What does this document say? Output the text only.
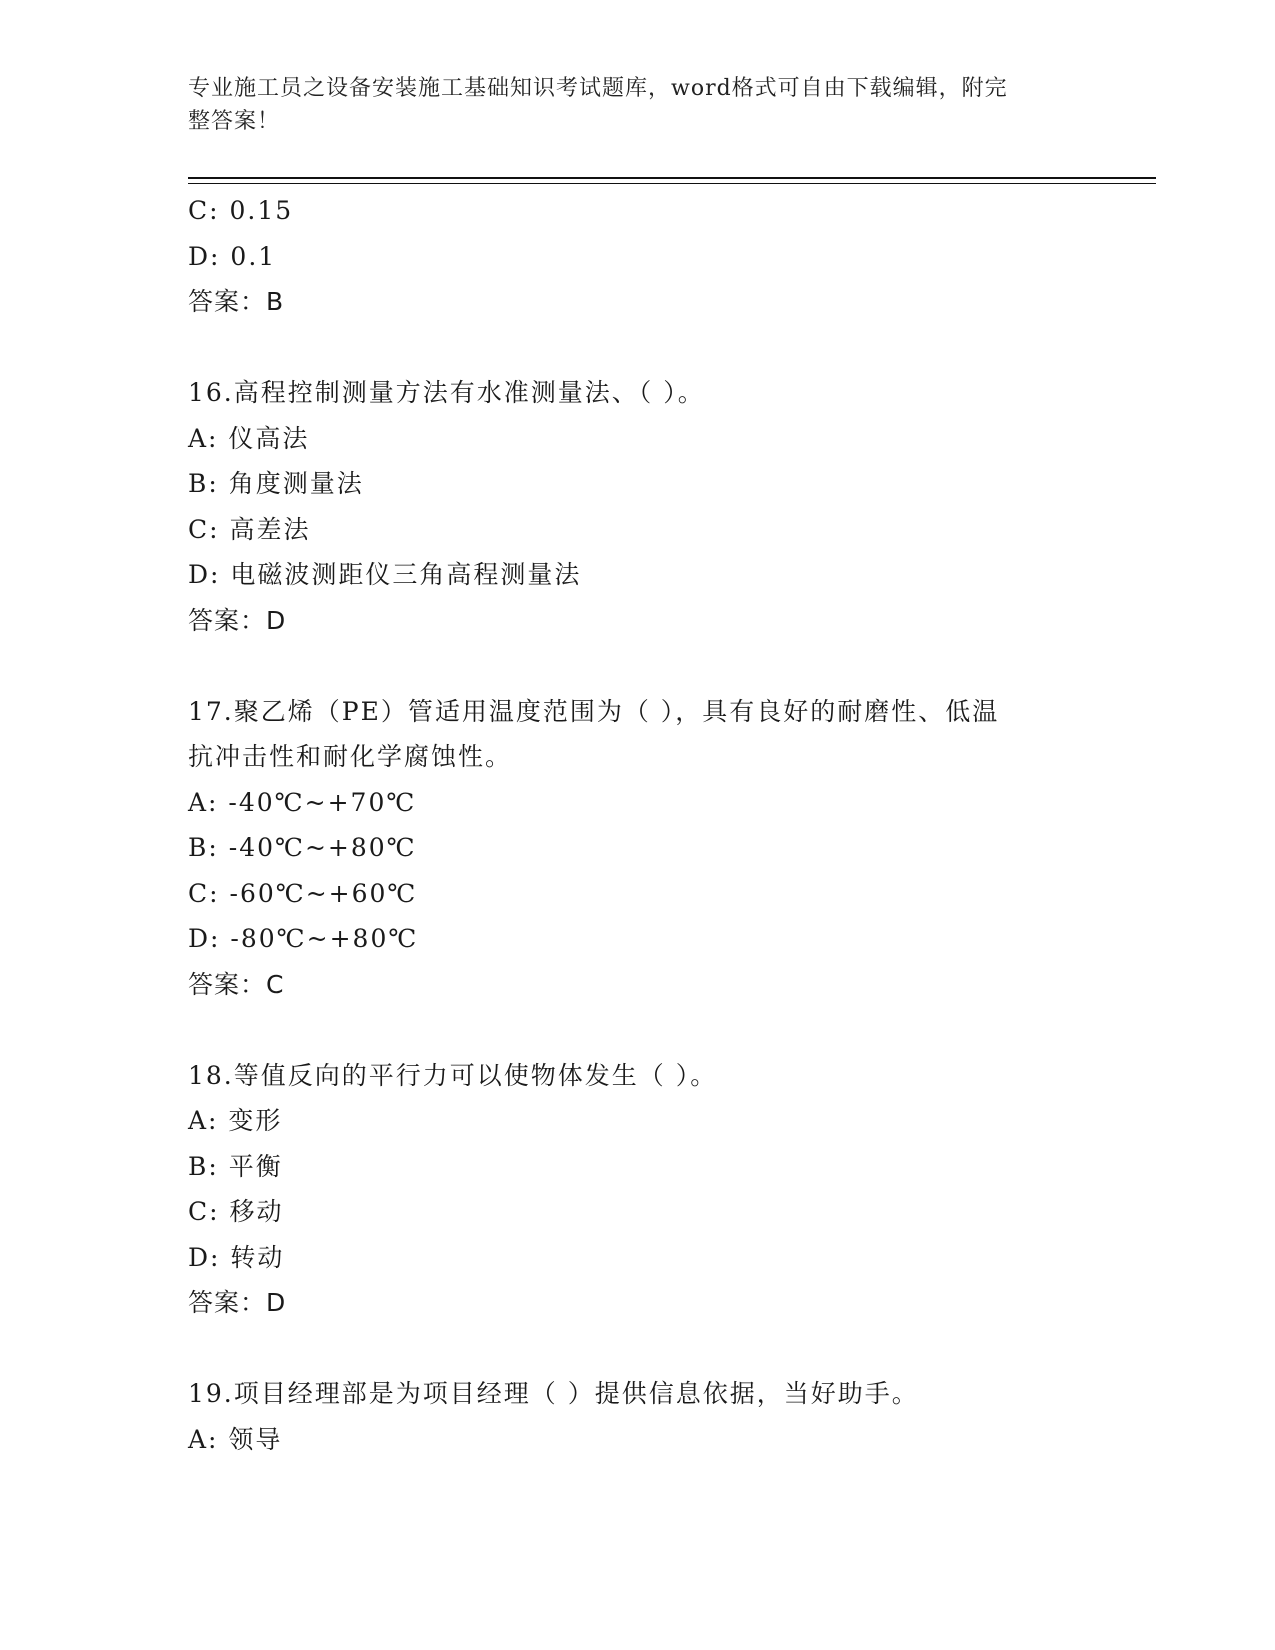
专业施工员之设备安装施工基础知识考试题库，word格式可自由下载编辑，附完
整答案！
C: 0.15
D: 0.1
答案：B
16.高程控制测量方法有水准测量法、（ ）。
A: 仪高法
B: 角度测量法
C: 高差法
D: 电磁波测距仪三角高程测量法
答案：D
17.聚乙烯（PE）管适用温度范围为（ ），具有良好的耐磨性、低温
抗冲击性和耐化学腐蚀性。
A: -40℃~+70℃
B: -40℃~+80℃
C: -60℃~+60℃
D: -80℃~+80℃
答案：C
18.等值反向的平行力可以使物体发生（ ）。
A: 变形
B: 平衡
C: 移动
D: 转动
答案：D
19.项目经理部是为项目经理（ ）提供信息依据，当好助手。
A: 领导
